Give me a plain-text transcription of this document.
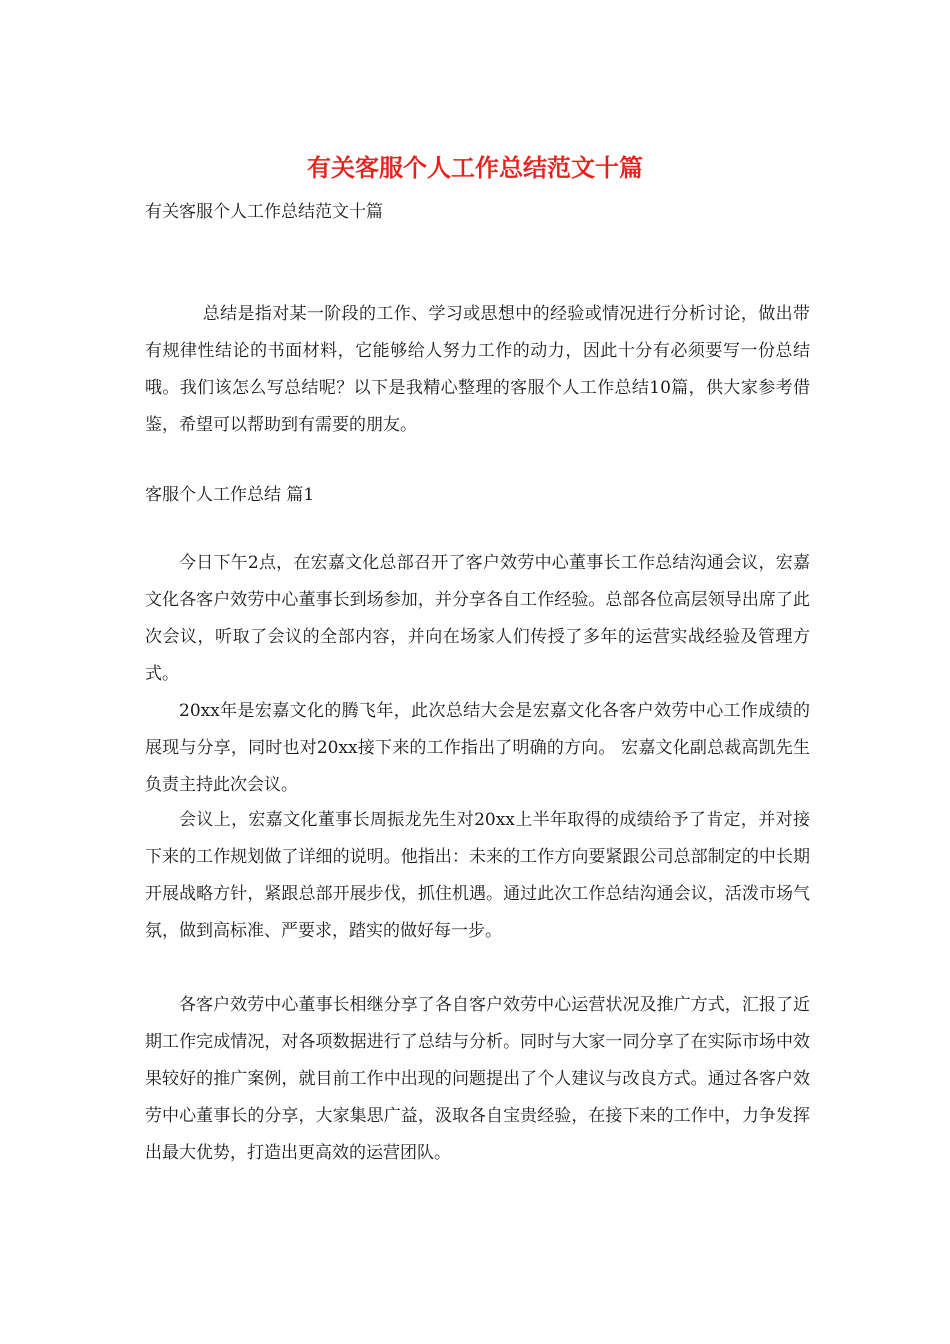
有关客服个人工作总结范文十篇
有关客服个人工作总结范文十篇

总结是指对某一阶段的工作、学习或思想中的经验或情况进行分析讨论，做出带有规律性结论的书面材料，它能够给人努力工作的动力，因此十分有必须要写一份总结哦。我们该怎么写总结呢？以下是我精心整理的客服个人工作总结10篇，供大家参考借鉴，希望可以帮助到有需要的朋友。

客服个人工作总结 篇1

今日下午2点，在宏嘉文化总部召开了客户效劳中心董事长工作总结沟通会议，宏嘉文化各客户效劳中心董事长到场参加，并分享各自工作经验。总部各位高层领导出席了此次会议，听取了会议的全部内容，并向在场家人们传授了多年的运营实战经验及管理方式。

20xx年是宏嘉文化的腾飞年，此次总结大会是宏嘉文化各客户效劳中心工作成绩的展现与分享，同时也对20xx接下来的工作指出了明确的方向。 宏嘉文化副总裁高凯先生负责主持此次会议。

会议上，宏嘉文化董事长周振龙先生对20xx上半年取得的成绩给予了肯定，并对接下来的工作规划做了详细的说明。他指出：未来的工作方向要紧跟公司总部制定的中长期开展战略方针，紧跟总部开展步伐，抓住机遇。通过此次工作总结沟通会议，活泼市场气氛，做到高标准、严要求，踏实的做好每一步。

各客户效劳中心董事长相继分享了各自客户效劳中心运营状况及推广方式，汇报了近期工作完成情况，对各项数据进行了总结与分析。同时与大家一同分享了在实际市场中效果较好的推广案例，就目前工作中出现的问题提出了个人建议与改良方式。通过各客户效劳中心董事长的分享，大家集思广益，汲取各自宝贵经验，在接下来的工作中，力争发挥出最大优势，打造出更高效的运营团队。
